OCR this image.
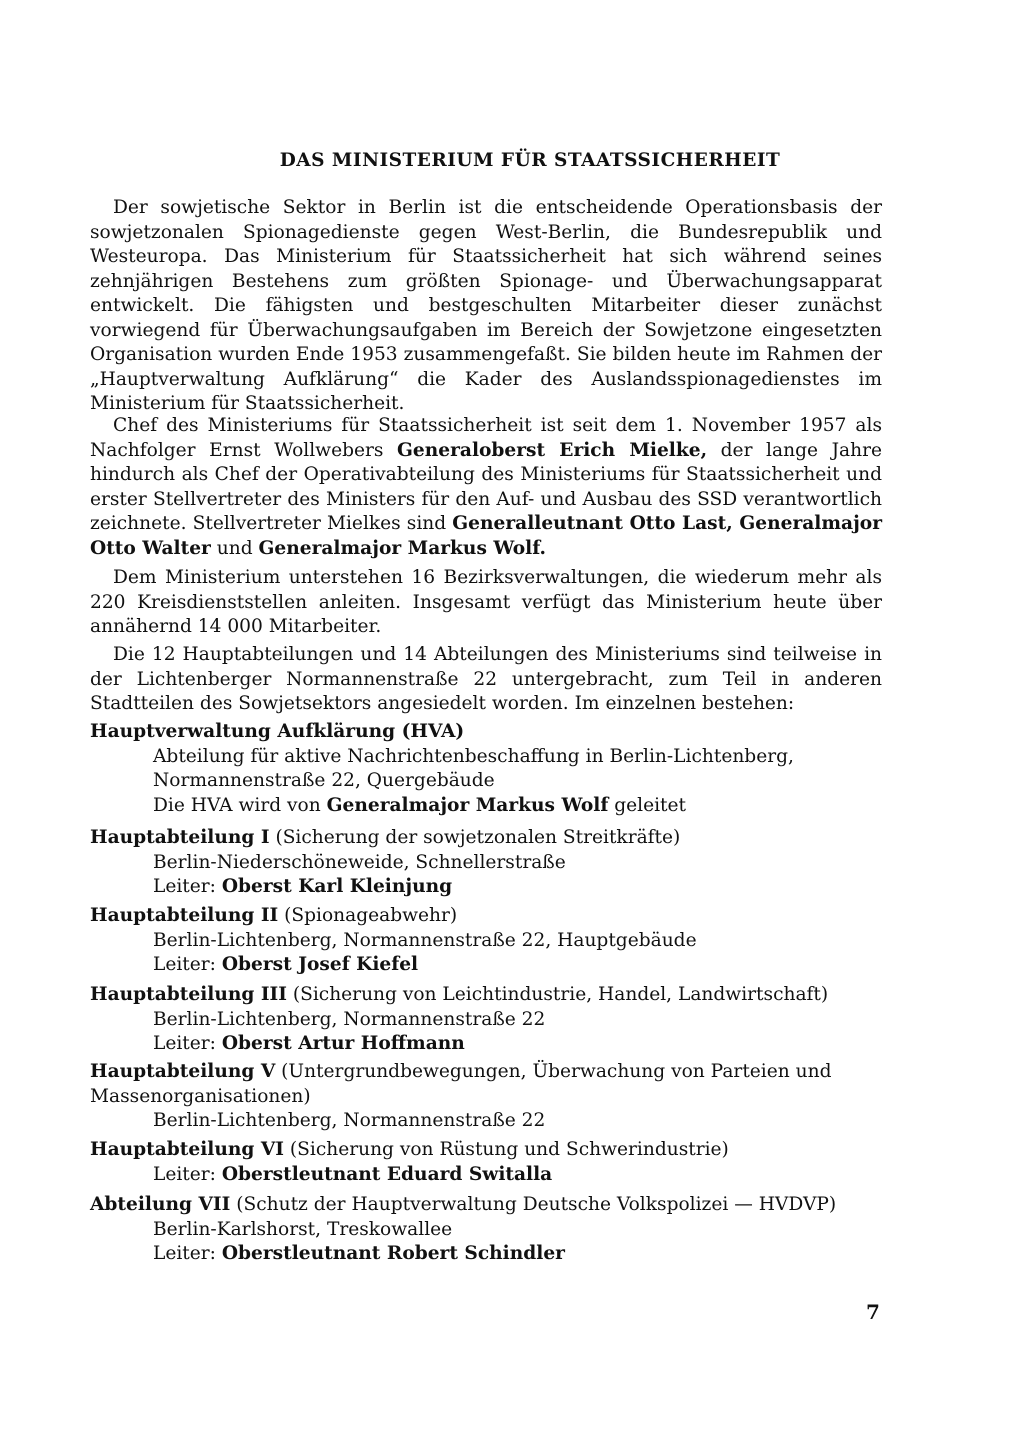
DAS MINISTERIUM FÜR STAATSSICHERHEIT

Der sowjetische Sektor in Berlin ist die entscheidende Operationsbasis der sowjetzonalen Spionagedienste gegen West-Berlin, die Bundesrepublik und Westeuropa. Das Ministerium für Staatssicherheit hat sich während seines zehnjährigen Bestehens zum größten Spionage- und Überwachungsapparat entwickelt. Die fähigsten und bestgeschulten Mitarbeiter dieser zunächst vorwiegend für Überwachungsaufgaben im Bereich der Sowjetzone eingesetzten Organisation wurden Ende 1953 zusammengefaßt. Sie bilden heute im Rahmen der „Hauptverwaltung Aufklärung“ die Kader des Auslandsspionagedienstes im Ministerium für Staatssicherheit.

Chef des Ministeriums für Staatssicherheit ist seit dem 1. November 1957 als Nachfolger Ernst Wollwebers Generaloberst Erich Mielke, der lange Jahre hindurch als Chef der Operativabteilung des Ministeriums für Staatssicherheit und erster Stellvertreter des Ministers für den Auf- und Ausbau des SSD verantwortlich zeichnete. Stellvertreter Mielkes sind Generalleutnant Otto Last, Generalmajor Otto Walter und Generalmajor Markus Wolf.

Dem Ministerium unterstehen 16 Bezirksverwaltungen, die wiederum mehr als 220 Kreisdienststellen anleiten. Insgesamt verfügt das Ministerium heute über annähernd 14 000 Mitarbeiter.

Die 12 Hauptabteilungen und 14 Abteilungen des Ministeriums sind teilweise in der Lichtenberger Normannenstraße 22 untergebracht, zum Teil in anderen Stadtteilen des Sowjetsektors angesiedelt worden. Im einzelnen bestehen:

Hauptverwaltung Aufklärung (HVA)
Abteilung für aktive Nachrichtenbeschaffung in Berlin-Lichtenberg,
Normannenstraße 22, Quergebäude
Die HVA wird von Generalmajor Markus Wolf geleitet
Hauptabteilung I (Sicherung der sowjetzonalen Streitkräfte)
Berlin-Niederschöneweide, Schnellerstraße
Leiter: Oberst Karl Kleinjung
Hauptabteilung II (Spionageabwehr)
Berlin-Lichtenberg, Normannenstraße 22, Hauptgebäude
Leiter: Oberst Josef Kiefel
Hauptabteilung III (Sicherung von Leichtindustrie, Handel, Landwirtschaft)
Berlin-Lichtenberg, Normannenstraße 22
Leiter: Oberst Artur Hoffmann
Hauptabteilung V (Untergrundbewegungen, Überwachung von Parteien und Massenorganisationen)
Berlin-Lichtenberg, Normannenstraße 22
Hauptabteilung VI (Sicherung von Rüstung und Schwerindustrie)
Leiter: Oberstleutnant Eduard Switalla
Abteilung VII (Schutz der Hauptverwaltung Deutsche Volkspolizei — HVDVP)
Berlin-Karlshorst, Treskowallee
Leiter: Oberstleutnant Robert Schindler
7
